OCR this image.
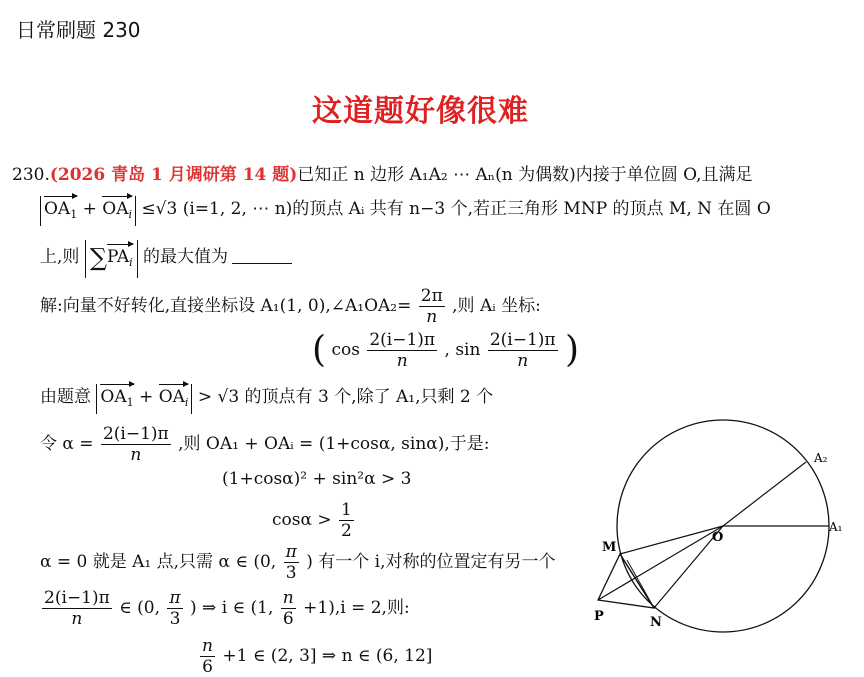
日常刷题 230
这道题好像很难
230.(2026 青岛 1 月调研第 14 题)已知正 n 边形 A₁A₂ ⋯ Aₙ(n 为偶数)内接于单位圆 O,且满足
$OA_1 + OA_i \le√3$ (i=1, 2, ⋯ n)的顶点 Aᵢ 共有 n−3 个,若正三角形 MNP 的顶点 M, N 在圆 O
上,则 $\sum PA_i$ 的最大值为
解:向量不好转化,直接坐标设 A₁(1, 0),∠A₁OA₂= $\frac{2\pi}{n}$ ,则 Aᵢ 坐标:
( $\cos \frac{2(i-1)\pi}{n}$ , $\sin \frac{2(i-1)\pi}{n}$ )
由题意 $OA_1 + OA_i > √3$ 的顶点有 3 个,除了 A₁,只剩 2 个
令 $\alpha = \frac{2(i-1)\pi}{n}$ ,则 OA₁ + OAᵢ = (1+cosα, sinα),于是:
(1+cosα)² + sin²α > 3
$\cos\alpha > \frac{1}{2}$
α = 0 就是 A₁ 点,只需 α ∈ (0, $\frac{\pi}{3}$ ) 有一个 i,对称的位置定有另一个
$\frac{2(i-1)\pi}{n}$ ∈ (0, $\frac{\pi}{3}$ ) ⇒ i ∈ (1, $\frac{n}{6} +1),i = 2$,则:
$\frac{n}{6} +1$ ∈ (2, 3] ⇒ n ∈ (6, 12]
A₂
A₁
O
M
P	N
